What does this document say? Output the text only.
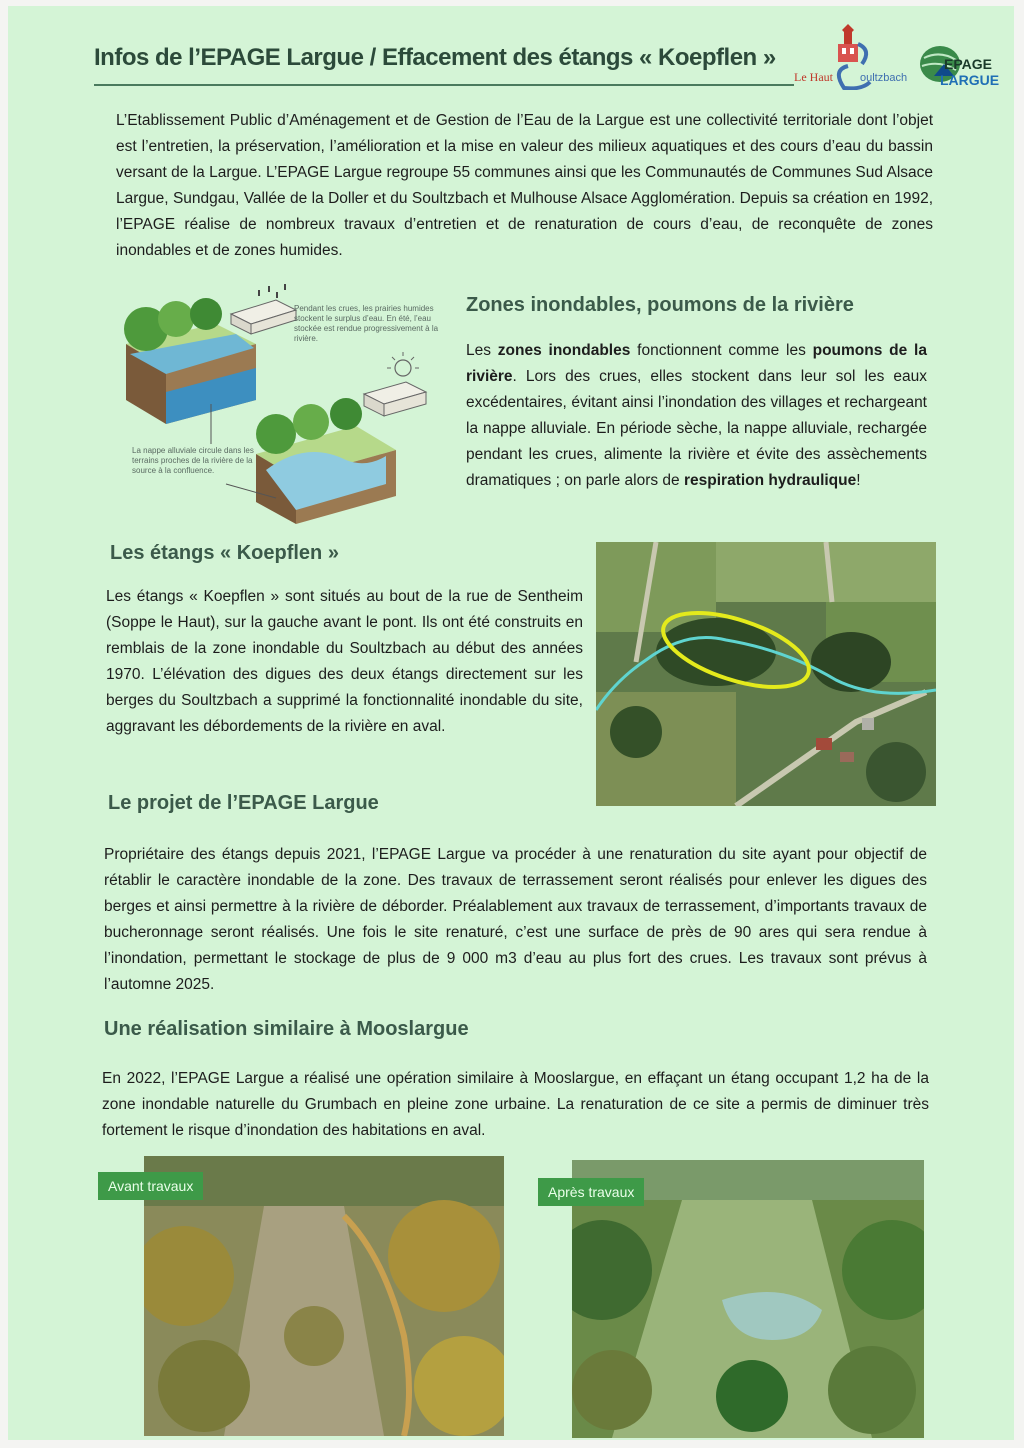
Infos de l’EPAGE Largue / Effacement des étangs « Koepflen »
Le Haut oultzbach
EPAGE
LARGUE

L’Etablissement Public d’Aménagement et de Gestion de l’Eau de la Largue est une collectivité territoriale dont l’objet est l’entretien, la préservation, l’amélioration et la mise en valeur des milieux aquatiques et des cours d’eau du bassin versant de la Largue. L’EPAGE Largue regroupe 55 communes ainsi que les Communautés de Communes Sud Alsace Largue, Sundgau, Vallée de la Doller et du Soultzbach et Mulhouse Alsace Agglomération. Depuis sa création en 1992, l’EPAGE réalise de nombreux travaux d’entretien et de renaturation de cours d’eau, de reconquête de zones inondables et de zones humides.

Pendant les crues, les prairies humides stockent le surplus d’eau. En été, l’eau stockée est rendue progressivement à la rivière.
La nappe alluviale circule dans les terrains proches de la rivière de la source à la confluence.
Zones inondables, poumons de la rivière

Les zones inondables fonctionnent comme les poumons de la rivière. Lors des crues, elles stockent dans leur sol les eaux excédentaires, évitant ainsi l’inondation des villages et rechargeant la nappe alluviale. En période sèche, la nappe alluviale, rechargée pendant les crues, alimente la rivière et évite des assèchements dramatiques ; on parle alors de respiration hydraulique!

Les étangs « Koepflen »

Les étangs « Koepflen » sont situés au bout de la rue de Sentheim (Soppe le Haut), sur la gauche avant le pont. Ils ont été construits en remblais de la zone inondable du Soultzbach au début des années 1970. L’élévation des digues des deux étangs directement sur les berges du Soultzbach a supprimé la fonctionnalité inondable du site, aggravant les débordements de la rivière en aval.

Le projet de l’EPAGE Largue

Propriétaire des étangs depuis 2021, l’EPAGE Largue va procéder à une renaturation du site ayant pour objectif de rétablir le caractère inondable de la zone. Des travaux de terrassement seront réalisés pour enlever les digues des berges et ainsi permettre à la rivière de déborder. Préalablement aux travaux de terrassement, d’importants travaux de bucheronnage seront réalisés. Une fois le site renaturé, c’est une surface de près de 90 ares qui sera rendue à l’inondation, permettant le stockage de plus de 9 000 m3 d’eau au plus fort des crues. Les travaux sont prévus à l’automne 2025.

Une réalisation similaire à Mooslargue

En 2022, l’EPAGE Largue a réalisé une opération similaire à Mooslargue, en effaçant un étang occupant 1,2 ha de la zone inondable naturelle du Grumbach en pleine zone urbaine. La renaturation de ce site a permis de diminuer très fortement le risque d’inondation des habitations en aval.

Avant travaux	Après travaux
